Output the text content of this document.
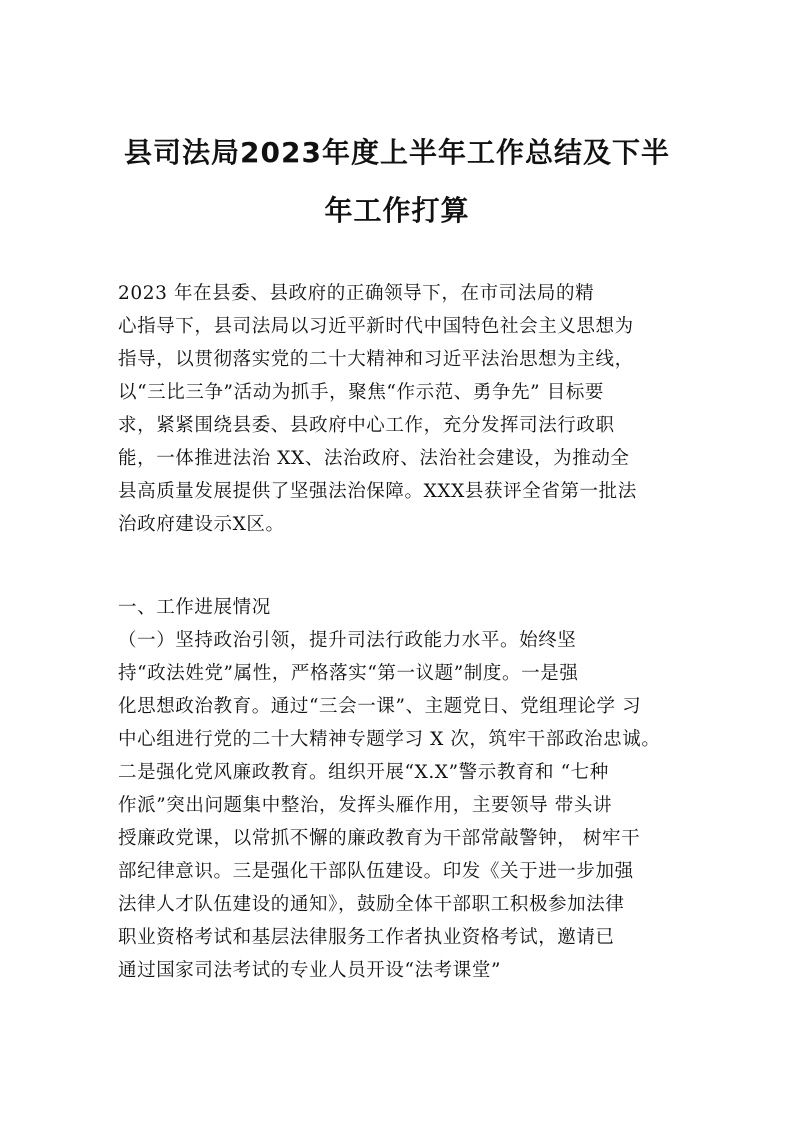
县司法局2023年度上半年工作总结及下半
年工作打算
2023 年在县委、县政府的正确领导下，在市司法局的精
心指导下，县司法局以习近平新时代中国特色社会主义思想为
指导，以贯彻落实党的二十大精神和习近平法治思想为主线，
以“三比三争”活动为抓手，聚焦“作示范、勇争先” 目标要
求，紧紧围绕县委、县政府中心工作，充分发挥司法行政职
能，一体推进法治 XX、法治政府、法治社会建设，为推动全
县高质量发展提供了坚强法治保障。XXX县获评全省第一批法
治政府建设示X区。
一、工作进展情况
（一）坚持政治引领，提升司法行政能力水平。始终坚
持“政法姓党”属性，严格落实“第一议题”制度。一是强
化思想政治教育。通过“三会一课”、主题党日、党组理论学 习
中心组进行党的二十大精神专题学习 X 次，筑牢干部政治忠诚。
二是强化党风廉政教育。组织开展“X.X”警示教育和 “七种
作派”突出问题集中整治，发挥头雁作用，主要领导 带头讲
授廉政党课，以常抓不懈的廉政教育为干部常敲警钟， 树牢干
部纪律意识。三是强化干部队伍建设。印发《关于进一步加强
法律人才队伍建设的通知》，鼓励全体干部职工积极参加法律
职业资格考试和基层法律服务工作者执业资格考试，邀请已
通过国家司法考试的专业人员开设“法考课堂”
